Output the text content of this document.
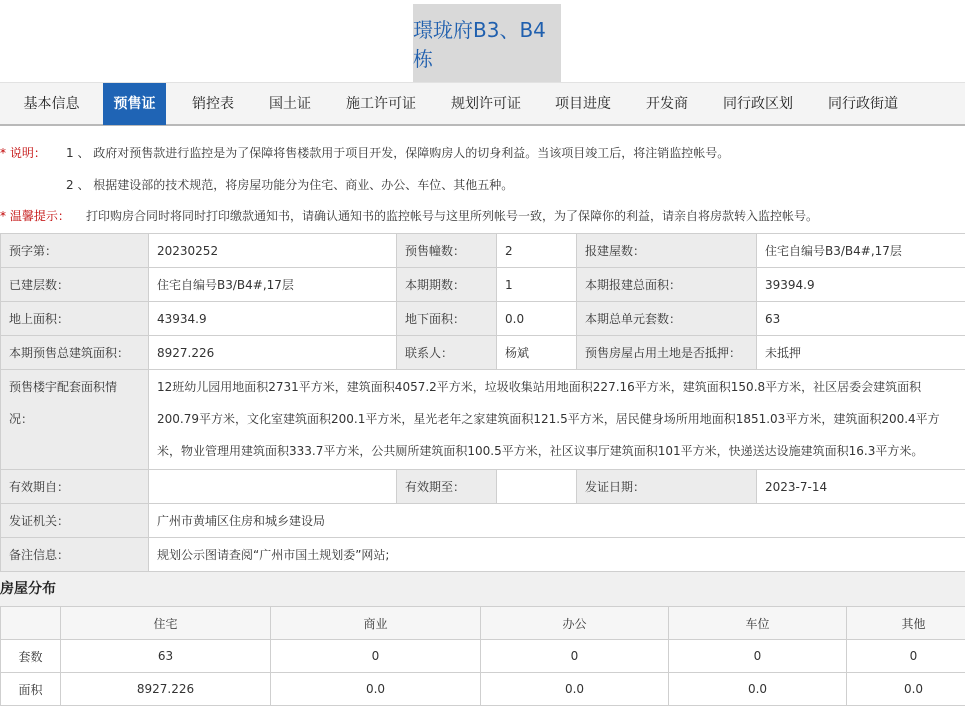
璟珑府B3、B4栋
基本信息	预售证	销控表	国土证	施工许可证	规划许可证	项目进度	开发商	同行政区划	同行政街道
* 说明： 1 、 政府对预售款进行监控是为了保障将售楼款用于项目开发，保障购房人的切身利益。当该项目竣工后，将注销监控帐号。
2 、 根据建设部的技术规范，将房屋功能分为住宅、商业、办公、车位、其他五种。
* 温馨提示： 打印购房合同时将同时打印缴款通知书，请确认通知书的监控帐号与这里所列帐号一致，为了保障你的利益，请亲自将房款转入监控帐号。
预字第：	20230252	预售幢数：	2	报建屋数：	住宅自编号B3/B4#,17层
已建层数：	住宅自编号B3/B4#,17层	本期期数：	1	本期报建总面积：	39394.9
地上面积：	43934.9	地下面积：	0.0	本期总单元套数：	63
本期预售总建筑面积：	8927.226	联系人：	杨斌	预售房屋占用土地是否抵押：	未抵押
预售楼宇配套面积情况：	12班幼儿园用地面积2731平方米，建筑面积4057.2平方米，垃圾收集站用地面积227.16平方米，建筑面积150.8平方米，社区居委会建筑面积200.79平方米，文化室建筑面积200.1平方米，星光老年之家建筑面积121.5平方米，居民健身场所用地面积1851.03平方米，建筑面积200.4平方米，物业管理用建筑面积333.7平方米，公共厕所建筑面积100.5平方米，社区议事厅建筑面积101平方米，快递送达设施建筑面积16.3平方米。				
有效期自：		有效期至：		发证日期：	2023-7-14
发证机关：	广州市黄埔区住房和城乡建设局				
备注信息：	规划公示图请查阅“广州市国土规划委”网站;				
房屋分布
	住宅	商业	办公	车位	其他
套数	63	0	0	0	0
面积	8927.226	0.0	0.0	0.0	0.0
